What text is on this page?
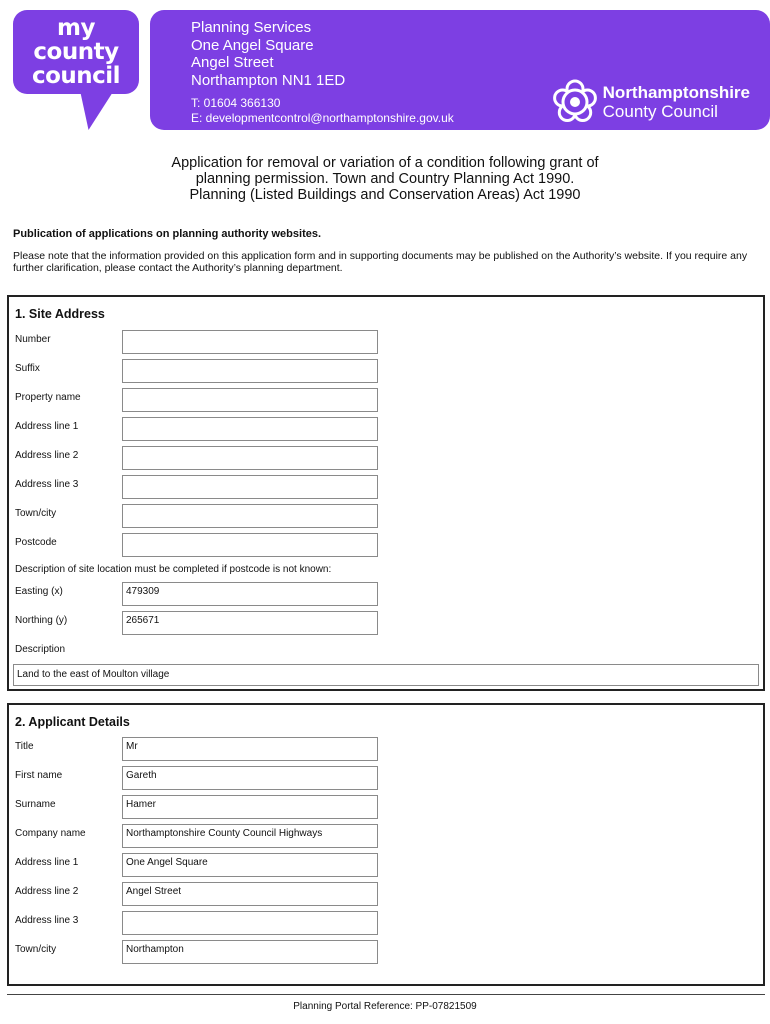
my
county
council
Planning Services
One Angel Square
Angel Street
Northampton NN1 1ED
T: 01604 366130
E: developmentcontrol@northamptonshire.gov.uk
Northamptonshire
County Council
Application for removal or variation of a condition following grant of
planning permission. Town and Country Planning Act 1990.
Planning (Listed Buildings and Conservation Areas) Act 1990
Publication of applications on planning authority websites.
Please note that the information provided on this application form and in supporting documents may be published on the Authority’s website. If you require any further clarification, please contact the Authority’s planning department.
1. Site Address
Number
Suffix
Property name
Address line 1
Address line 2
Address line 3
Town/city
Postcode
Description of site location must be completed if postcode is not known:
Easting (x)	479309
Northing (y)	265671
Description
Land to the east of Moulton village
2. Applicant Details
Title	Mr
First name	Gareth
Surname	Hamer
Company name	Northamptonshire County Council Highways
Address line 1	One Angel Square
Address line 2	Angel Street
Address line 3
Town/city	Northampton
Planning Portal Reference: PP-07821509
